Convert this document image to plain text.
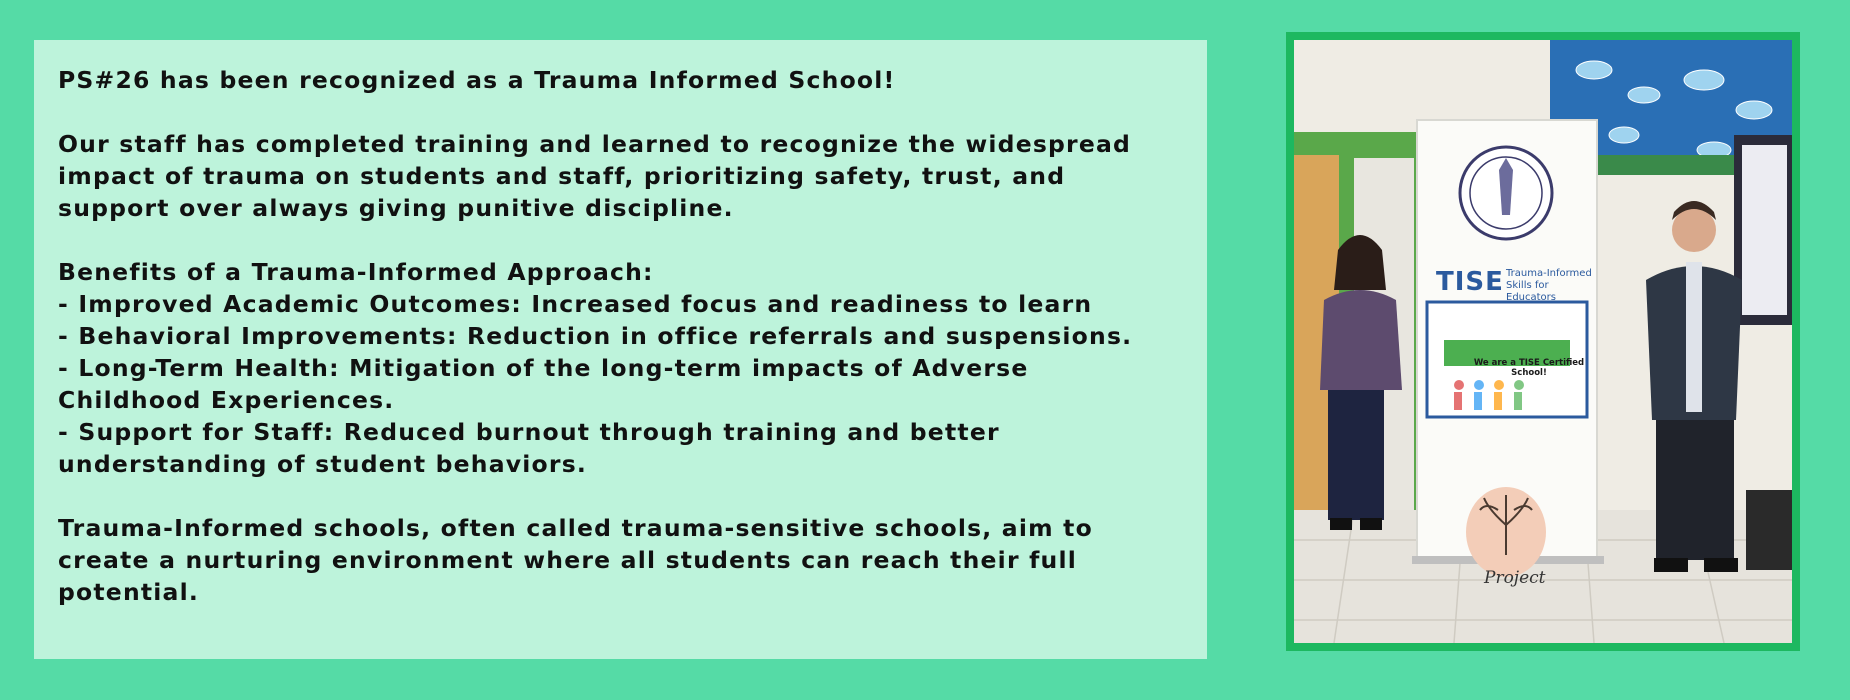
PS#26 has been recognized as a Trauma Informed School!

Our staff has completed training and learned to recognize the widespread impact of trauma on students and staff, prioritizing safety, trust, and support over always giving punitive discipline.

Benefits of a Trauma-Informed Approach:

- Improved Academic Outcomes: Increased focus and readiness to learn

- Behavioral Improvements: Reduction in office referrals and suspensions.

- Long-Term Health: Mitigation of the long-term impacts of Adverse Childhood Experiences.

- Support for Staff: Reduced burnout through training and better understanding of student behaviors.

Trauma-Informed schools, often called trauma-sensitive schools, aim to create a nurturing environment where all students can reach their full potential.

TISE Trauma-Informed Skills for Educators
We are a TISE Certified School!
Project
